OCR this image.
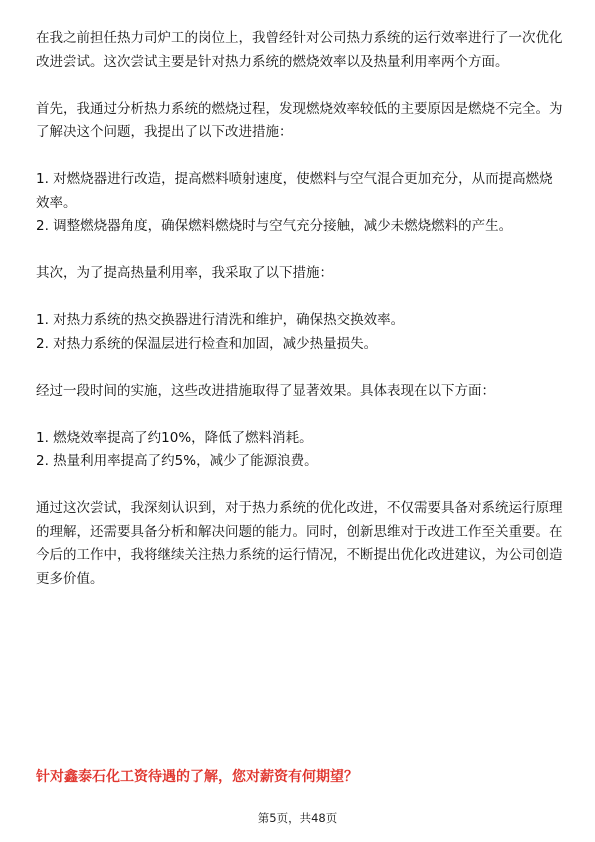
在我之前担任热力司炉工的岗位上，我曾经针对公司热力系统的运行效率进行了一次优化改进尝试。这次尝试主要是针对热力系统的燃烧效率以及热量利用率两个方面。

首先，我通过分析热力系统的燃烧过程，发现燃烧效率较低的主要原因是燃烧不完全。为了解决这个问题，我提出了以下改进措施：

1. 对燃烧器进行改造，提高燃料喷射速度，使燃料与空气混合更加充分，从而提高燃烧效率。

2. 调整燃烧器角度，确保燃料燃烧时与空气充分接触，减少未燃烧燃料的产生。

其次，为了提高热量利用率，我采取了以下措施：

1. 对热力系统的热交换器进行清洗和维护，确保热交换效率。

2. 对热力系统的保温层进行检查和加固，减少热量损失。

经过一段时间的实施，这些改进措施取得了显著效果。具体表现在以下方面：

1. 燃烧效率提高了约10%，降低了燃料消耗。

2. 热量利用率提高了约5%，减少了能源浪费。

通过这次尝试，我深刻认识到，对于热力系统的优化改进，不仅需要具备对系统运行原理的理解，还需要具备分析和解决问题的能力。同时，创新思维对于改进工作至关重要。在今后的工作中，我将继续关注热力系统的运行情况，不断提出优化改进建议，为公司创造更多价值。

针对鑫泰石化工资待遇的了解，您对薪资有何期望？
第5页，共48页
